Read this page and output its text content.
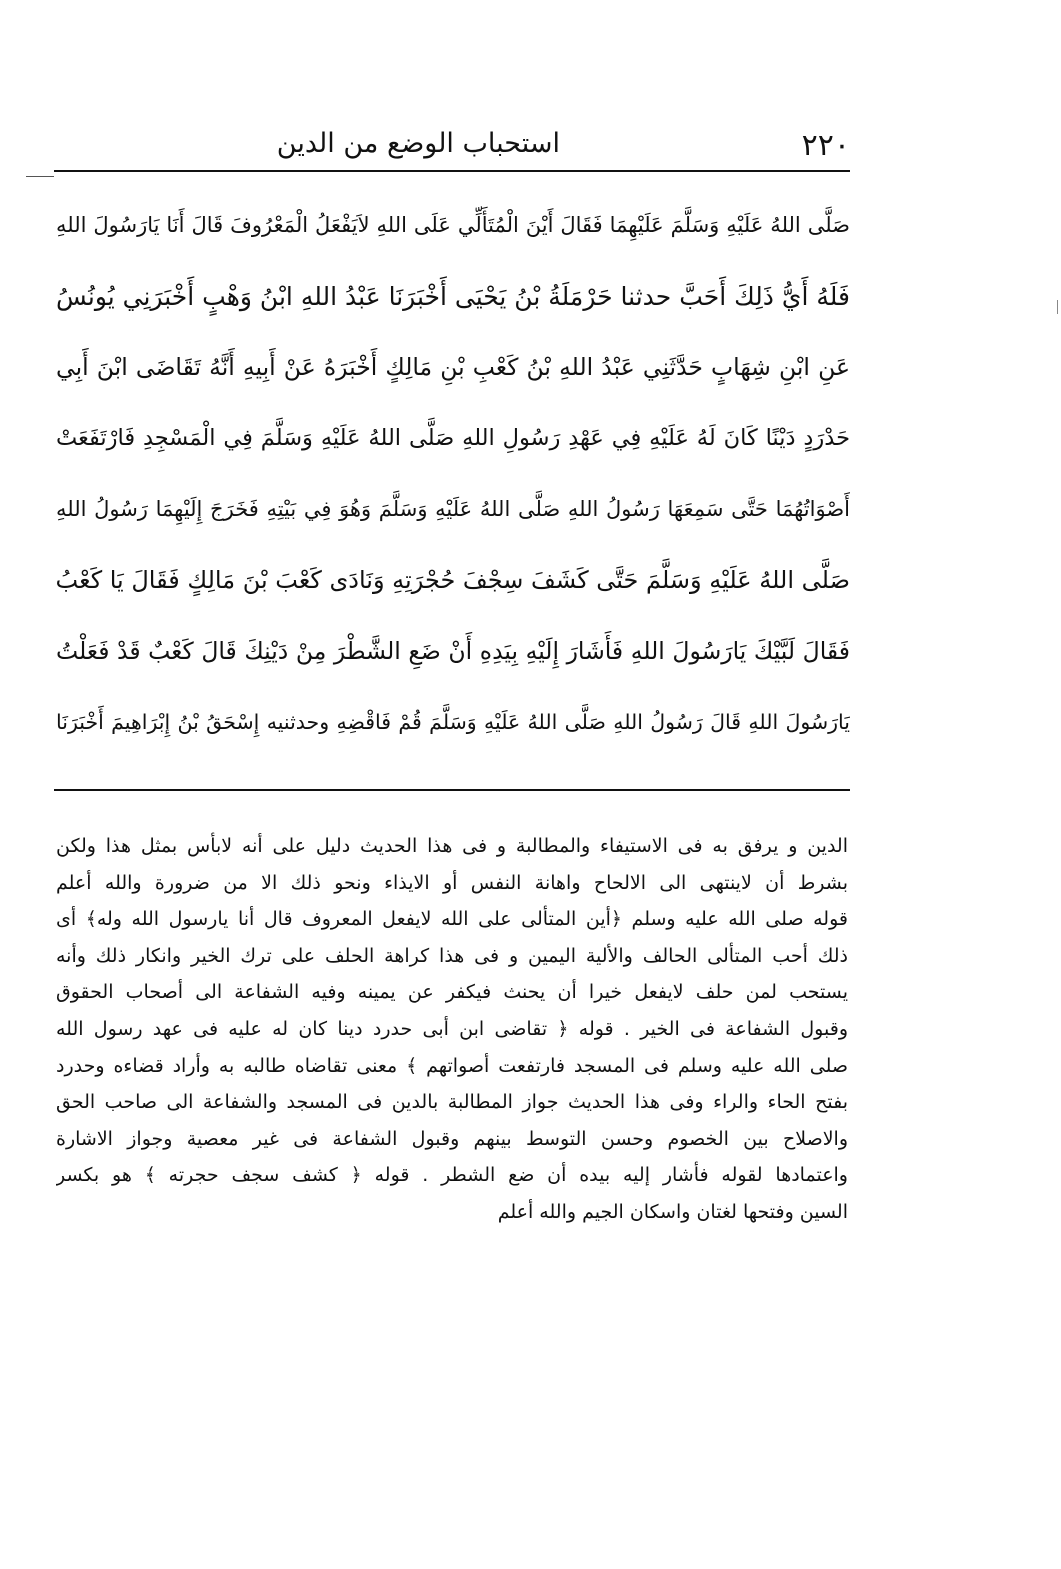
٢٢٠
استحباب الوضع من الدين
صَلَّى اللهُ عَلَيْهِ وَسَلَّمَ عَلَيْهِمَا فَقَالَ أَيْنَ الْمُتَأَلِّي عَلَى اللهِ لاَيَفْعَلُ الْمَعْرُوفَ قَالَ أَنَا يَارَسُولَ اللهِ
فَلَهُ أَيُّ ذَلِكَ أَحَبَّ حدثنا حَرْمَلَةُ بْنُ يَحْيَى أَخْبَرَنَا عَبْدُ اللهِ ابْنُ وَهْبٍ أَخْبَرَنِي يُونُسُ
عَنِ ابْنِ شِهَابٍ حَدَّثَنِي عَبْدُ اللهِ بْنُ كَعْبِ بْنِ مَالِكٍ أَخْبَرَهُ عَنْ أَبِيهِ أَنَّهُ تَقَاضَى ابْنَ أَبِي
حَدْرَدٍ دَيْنًا كَانَ لَهُ عَلَيْهِ فِي عَهْدِ رَسُولِ اللهِ صَلَّى اللهُ عَلَيْهِ وَسَلَّمَ فِي الْمَسْجِدِ فَارْتَفَعَتْ
أَصْوَاتُهُمَا حَتَّى سَمِعَهَا رَسُولُ اللهِ صَلَّى اللهُ عَلَيْهِ وَسَلَّمَ وَهُوَ فِي بَيْتِهِ فَخَرَجَ إِلَيْهِمَا رَسُولُ اللهِ
صَلَّى اللهُ عَلَيْهِ وَسَلَّمَ حَتَّى كَشَفَ سِجْفَ حُجْرَتِهِ وَنَادَى كَعْبَ بْنَ مَالِكٍ فَقَالَ يَا كَعْبُ
فَقَالَ لَبَّيْكَ يَارَسُولَ اللهِ فَأَشَارَ إِلَيْهِ بِيَدِهِ أَنْ ضَعِ الشَّطْرَ مِنْ دَيْنِكَ قَالَ كَعْبٌ قَدْ فَعَلْتُ
يَارَسُولَ اللهِ قَالَ رَسُولُ اللهِ صَلَّى اللهُ عَلَيْهِ وَسَلَّمَ قُمْ فَاقْضِهِ وحدثنيه إِسْحَقُ بْنُ إِبْرَاهِيمَ أَخْبَرَنَا
الدين و يرفق به فى الاستيفاء والمطالبة و فى هذا الحديث دليل على أنه لابأس بمثل هذا ولكن
بشرط أن لاينتهى الى الالحاح واهانة النفس أو الايذاء ونحو ذلك الا من ضرورة والله أعلم
قوله صلى الله عليه وسلم ﴿أين المتألى على الله لايفعل المعروف قال أنا يارسول الله وله﴾ أى
ذلك أحب المتألى الحالف والألية اليمين و فى هذا كراهة الحلف على ترك الخير وانكار ذلك وأنه
يستحب لمن حلف لايفعل خيرا أن يحنث فيكفر عن يمينه وفيه الشفاعة الى أصحاب الحقوق
وقبول الشفاعة فى الخير . قوله ﴿ تقاضى ابن أبى حدرد دينا كان له عليه فى عهد رسول الله
صلى الله عليه وسلم فى المسجد فارتفعت أصواتهم ﴾ معنى تقاضاه طالبه به وأراد قضاءه وحدرد
بفتح الحاء والراء وفى هذا الحديث جواز المطالبة بالدين فى المسجد والشفاعة الى صاحب الحق
والاصلاح بين الخصوم وحسن التوسط بينهم وقبول الشفاعة فى غير معصية وجواز الاشارة
واعتمادها لقوله فأشار إليه بيده أن ضع الشطر . قوله ﴿ كشف سجف حجرته ﴾ هو بكسر
السين وفتحها لغتان واسكان الجيم والله أعلم
